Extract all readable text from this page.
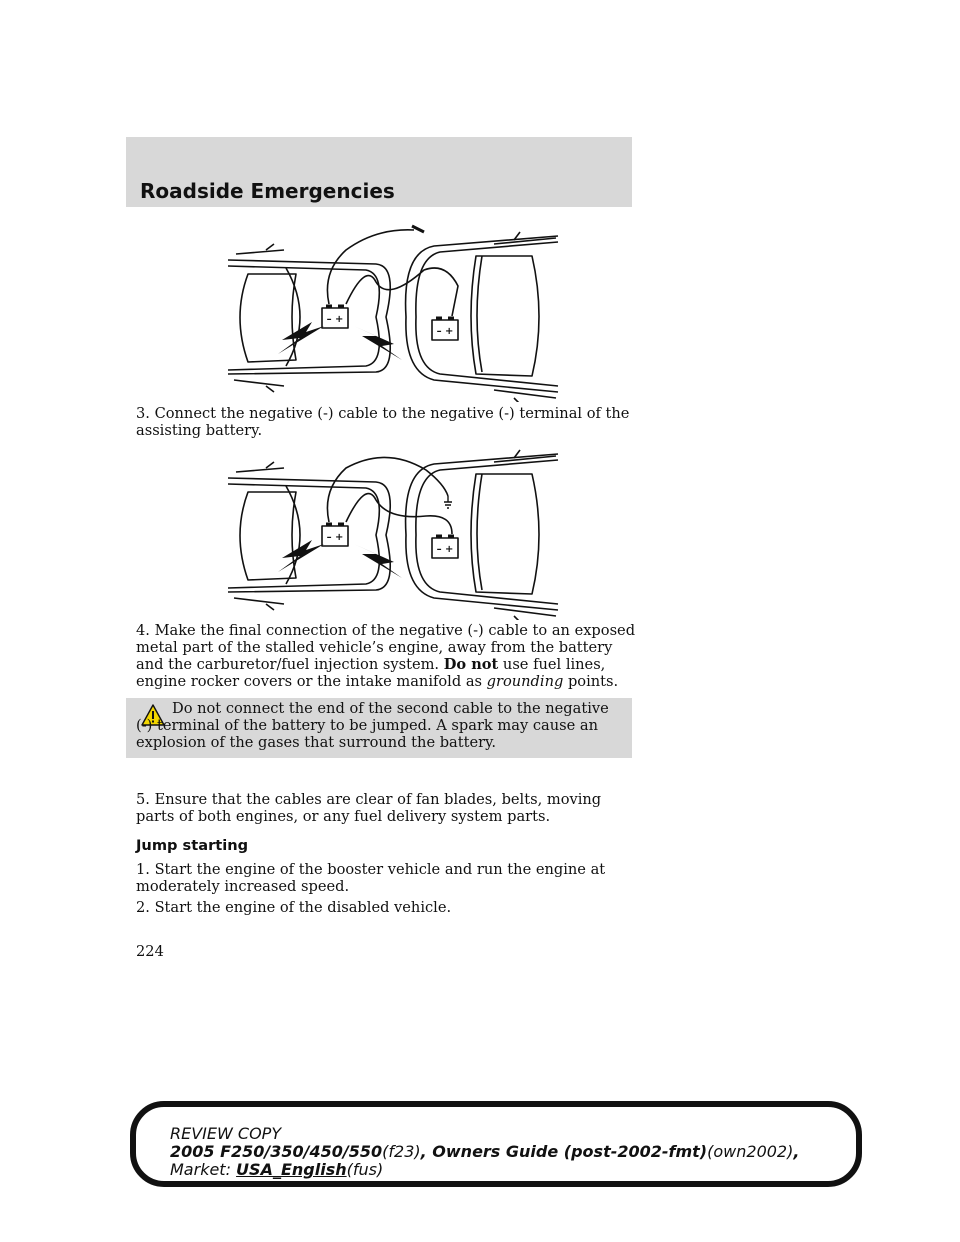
Roadside Emergencies
– +
– +

3. Connect the negative (-) cable to the negative (-) terminal of the assisting battery.

– +
– +

4. Make the final connection of the negative (-) cable to an exposed metal part of the stalled vehicle’s engine, away from the battery and the carburetor/fuel injection system. Do not use fuel lines, engine rocker covers or the intake manifold as grounding points.

Do not connect the end of the second cable to the negative (-) terminal of the battery to be jumped. A spark may cause an explosion of the gases that surround the battery.

5. Ensure that the cables are clear of fan blades, belts, moving parts of both engines, or any fuel delivery system parts.

Jump starting

1. Start the engine of the booster vehicle and run the engine at moderately increased speed.

2. Start the engine of the disabled vehicle.

224
REVIEW COPY
2005 F250/350/450/550(f23), Owners Guide (post-2002-fmt)(own2002),
Market: USA_English(fus)
